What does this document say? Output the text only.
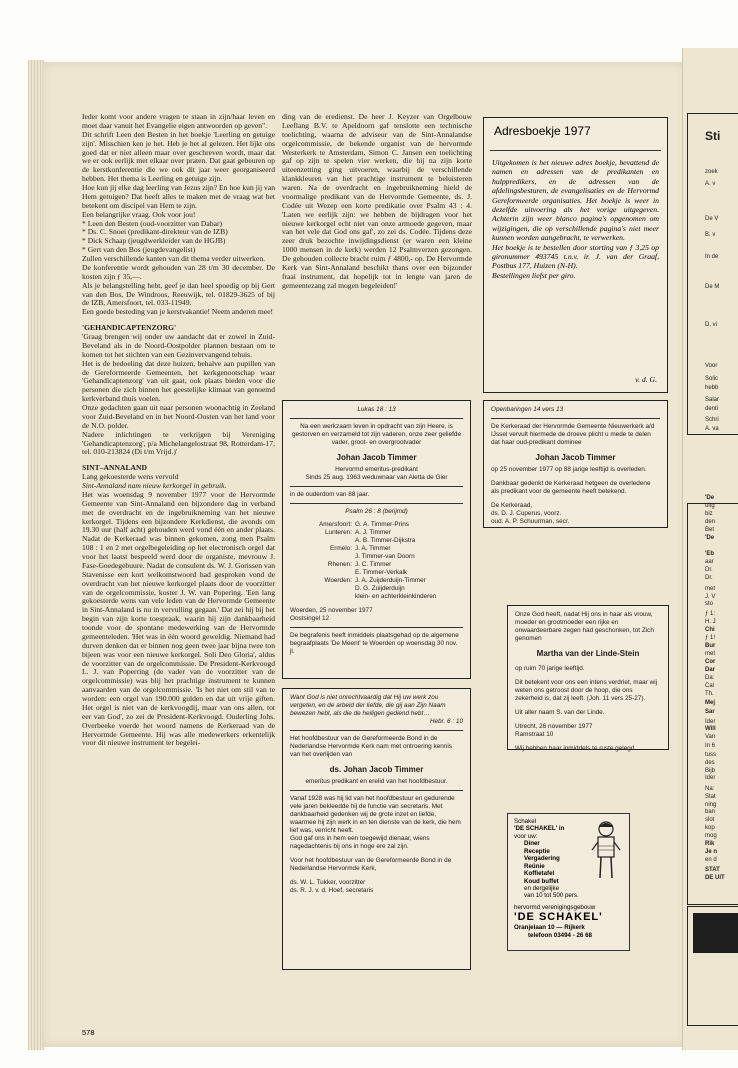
Ieder komt voor andere vragen te staan in zijn/haar leven en moet daar vanuit het Evangelie eigen antwoorden op geven".

Dit schrift Leen den Besten in het boekje 'Leerling en getuige zijn'. Misschien ken je het. Heb je het al gelezen. Het lijkt ons goed dat er niet alleen maar over geschreven wordt, maar dat we er ook eerlijk met elkaar over praten. Dat gaat gebeuren op de kerstkonferentie die we ook dit jaar weer georganiseerd hebben. Het thema is Leerling en getuige zijn.

Hoe kun jij elke dag leerling van Jezus zijn? En hoe kun jij van Hem getuigen? Dat heeft alles te maken met de vraag wat het betekent om discipel van Hem te zijn.

Een belangrijke vraag. Ook voor jou!

* Leen den Besten (oud-voorzitter van Dabar)

* Ds. C. Snoei (predikant-direkteur van de IZB)

* Dick Schaap (jeugdwerkleider van de HGJB)

* Gert van den Bos (jeugdevangelist)

Zullen verschillende kanten van dit thema verder uitwerken.

De konferentie wordt gehouden van 28 t/m 30 december. De kosten zijn ƒ 35,—.

Als je belangstelling hebt, geef je dan heel spoedig op bij Gert van den Bos, De Windroos, Reeuwijk, tel. 01829-3625 of bij de IZB, Amersfoort, tel. 033-11949.

Een goede besteding van je kerstvakantie! Neem anderen mee!

'GEHANDICAPTENZORG'

'Graag brengen wij onder uw aandacht dat er zowel in Zuid-Beveland als in de Noord-Oostpolder plannen bestaan om te komen tot het stichten van een Gezinvervangend tehuis.

Het is de bedoeling dat deze huizen, behalve aan pupillen van de Gereformeerde Gemeenten, het kerkgenootschap waar 'Gehandicaptenzorg' van uit gaat, ook plaats bieden voor die personen die zich binnen het geestelijke klimaat van genoemd kerkverband thuis voelen.

Onze gedachten gaan uit naar personen woonachtig in Zeeland voor Zuid-Beveland en in het Noord-Oosten van het land voor de N.O. polder.

Nadere inlichtingen te verkrijgen bij Vereniging 'Gehandicaptenzorg', p/a Michelangelostraat 98, Rotterdam-17, tel. 010-213824 (Di t/m Vrijd.)'

SINT–ANNALAND

Lang gekoesterde wens vervuld

Sint-Annaland nam nieuw kerkorgel in gebruik.

Het was woensdag 9 november 1977 voor de Hervormde Gemeente van Sint-Annaland een bijzondere dag in verband met de overdracht en de ingebruikneming van het nieuwe kerkorgel. Tijdens een bijzondere Kerkdienst, die avonds om 19.30 uur (half acht) gehouden werd vond één en ander plaats. Nadat de Kerkeraad was binnen gekomen, zong men Psalm 108 : 1 en 2 met orgelbegeleiding op het electronisch orgel dat voor het laatst bespeeld werd door de organiste, mevrouw J. Fase-Goedegebuure. Nadat de consulent ds. W. J. Gorissen van Stavenisse een kort welkomstwoord had gesproken vond de overdracht van het nieuwe kerkorgel plaats door de voorzitter van de orgelcommissie, koster J. W. van Popering. 'Een lang gekoesterde wens van vele leden van de Hervormde Gemeente in Sint-Annaland is nu in vervulling gegaan.' Dat zei hij bij het begin van zijn korte toespraak, waarin hij zijn dankbaarheid toonde voor de spontane medewerking van de Hervormde gemeenteleden. 'Het was in één woord geweldig. Niemand had durven denken dat er binnen nog geen twee jaar bijna twee ton bijeen was voor een nieuwe kerkorgel. Soli Deo Gloria', aldus de voorzitter van de orgelcommissie. De President-Kerkvoogd L. J. van Poperring (de vader van de voorzitter van de orgelcommissie) was blij het prachtige instrument te kunnen aanvaarden van de orgelcommissie. 'Is het niet om stil van te worden: een orgel van 190.000 gulden en dat uit vrije giften. Het orgel is niet van de kerkvoogdij, maar van ons allen, tot eer van God', zo zei de President-Kerkvoogd. Ouderling Johs. Overbeeke voerde het woord namens de Kerkeraad van de Hervormde Gemeente. Hij was alle medewerkers erkentelijk voor dit nieuwe instrument ter begelei-

ding van de eredienst. De heer J. Keyzer van Orgelbouw Leeflang B.V. te Apeldoorn gaf tenslotte een technische toelichting, waarna de adviseur van de Sint-Annalandse orgelcommissie, de bekende organist van de hervormde Westerkerk te Amsterdam, Simon C. Jansen een toelichting gaf op zijn te spelen vier werken, die hij na zijn korte uiteenzetting ging uitvoeren, waarbij de verschillende klankkleuren van het prachtige instrument te beluisteren waren. Na de overdracht en ingebruikneming hield de voormalige predikant van de Hervormde Gemeente, ds. J. Codée uit Wezep een korte predikatie over Psalm 43 : 4. 'Laten we eerlijk zijn: we hebben de bijdragen voor het nieuwe kerkorgel echt niet van onze armoede gegeven, maar van het vele dat God ons gaf', zo zei ds. Codée. Tijdens deze zeer druk bezochte inwijdingsdienst (er waren een kleine 1000 mensen in de kerk) werden 12 Psalmverzen gezongen. De gehouden collecte bracht ruim ƒ 4800,- op. De Hervormde Kerk van Sint-Annaland beschikt thans over een bijzonder fraai instrument, dat hopelijk tot in lengte van jaren de gemeentezang zal mogen begeleiden!'

Adresboekje 1977

Uitgekomen is het nieuwe adres boekje, bevattend de namen en adressen van de predikanten en hulppredikers, en de adressen van de afdelingsbesturen, de evangelisaties en de Hervormd Gereformeerde organisaties. Het boekje is weer in dezelfde uitvoering als het vorige uitgegeven. Achterin zijn weer blanco pagina's opgenomen om wijzigingen, die op verschillende pagina's niet meer kunnen worden aangebracht, te verwerken.

Het boekje is te bestellen door storting van ƒ 3,25 op gironummer 493745 t.n.v. ir. J. van der Graaf, Postbus 177, Huizen (N-H).

Bestellingen liefst per giro.

v. d. G.

Lukas 18 : 13

Na een werkzaam leven in opdracht van zijn Heere, is gestorven en verzameld tot zijn vaderen, onze zeer geliefde vader, groot- en overgrootvader

Johan Jacob Timmer

Hervormd emeritus-predikant

Sinds 25 aug. 1963 weduwnaar van Aletta de Gier

in de ouderdom van 88 jaar.

Psalm 26 : 8 (berijmd)

Amersfoort: G. A. Timmer-Prins
Lunteren: A. J. Timmer
A. B. Timmer-Dijkstra
Ermelo: J. A. Timmer
J. Timmer-van Doorn
Rhenen: J. C. Timmer
E. Timmer-Verkalk
Woerden: J. A. Zuijderduijn-Timmer
D. G. Zuijderduijn
klein- en achterkleinkinderen

Woerden, 25 november 1977

Oostsingel 12

De begrafenis heeft inmiddels plaatsgehad op de algemene begraafplaats 'De Meent' te Woerden op woensdag 30 nov. jl.

Openbaringen 14 vers 13

De Kerkeraad der Hervormde Gemeente Nieuwerkerk a/d IJssel vervult hiermede de droeve plicht u mede te delen dat haar oud-predikant dominee

Johan Jacob Timmer

op 25 november 1977 op 88 jarige leeftijd is overleden.

Dankbaar gedenkt de Kerkeraad hetgeen de overledene als predikant voor de gemeente heeft betekend.

De Kerkeraad,

ds. D. J. Cuperus, voorz.

oud. A. P. Schuurman, secr.

Onze God heeft, nadat Hij ons in haar als vrouw, moeder en grootmoeder een rijke en onwaardeerbare zegen had geschonken, tot Zich genomen

Martha van der Linde-Stein

op ruim 70 jarige leeftijd.

Dit betekent voor ons een intens verdriet, maar wij weten ons getroost door de hoop, die ons zekerheid is, dat zij leeft. (Joh. 11 vers 25-27).

Uit aller naam S. van der Linde.

Utrecht, 26 november 1977

Ramstraat 10

Wij hebben haar inmiddels te ruste gelegd.

Want God is niet onrechtvaardig dat Hij uw werk zou vergeten, en de arbeid der liefde, die gij aan Zijn Naam bewezen hebt, als die de heiligen gediend hebt…

Hebr. 6 : 10

Het hoofdbestuur van de Gereformeerde Bond in de Nederlandse Hervormde Kerk nam met ontroering kennis van het overlijden van

ds. Johan Jacob Timmer

emeritus predikant en erelid van het hoofdbestuur.

Vanaf 1928 was hij lid van het hoofdbestuur en gedurende vele jaren bekleedde hij de functie van secretaris. Met dankbaarheid gedenken wij de grote inzet en liefde, waarmee hij zijn werk in en ten dienste van de kerk, die hem lief was, verricht heeft.

God gaf ons in hem een toegewijd dienaar, wiens nagedachtenis bij ons in hoge ere zal zijn.

Voor het hoofdbestuur van de Gereformeerde Bond in de Nederlandse Hervormde Kerk,

ds. W. L. Tukker, voorzitter

ds. R. J. v. d. Hoef, secretaris

Schakel

'DE SCHAKEL' in

voor uw:

Diner
Receptie
Vergadering
Reünie
Koffietafel
Koud buffet
en dergelijke

van 10 tot 500 pers.

hervormd verenigingsgebouw

'DE SCHAKEL'

Oranjelaan 10 — Rijkerk

telefoon 03494 - 26 68

Sti
zoek
A. v
De V
B. v
In de
De M
D. vi
Voor
Solic
hebb
Salar
denti
Schri
A. va
'De
uitg
biz
den
Bet
'De
'Eb
aar
Dr.
Dr.
met
J. V
sto
ƒ 1:
H. J
Chi
ƒ 1!
Bur
met
Cor
Dar
Da:
Cal
Th.
Mej
Sar
Ider
Will
Van
In 6
tuss
des
Bijb
Ider
Na:
Stat
ning
ban
slot
kop
mog
Rik
Je n
en d
STAT
DE UIT
578
